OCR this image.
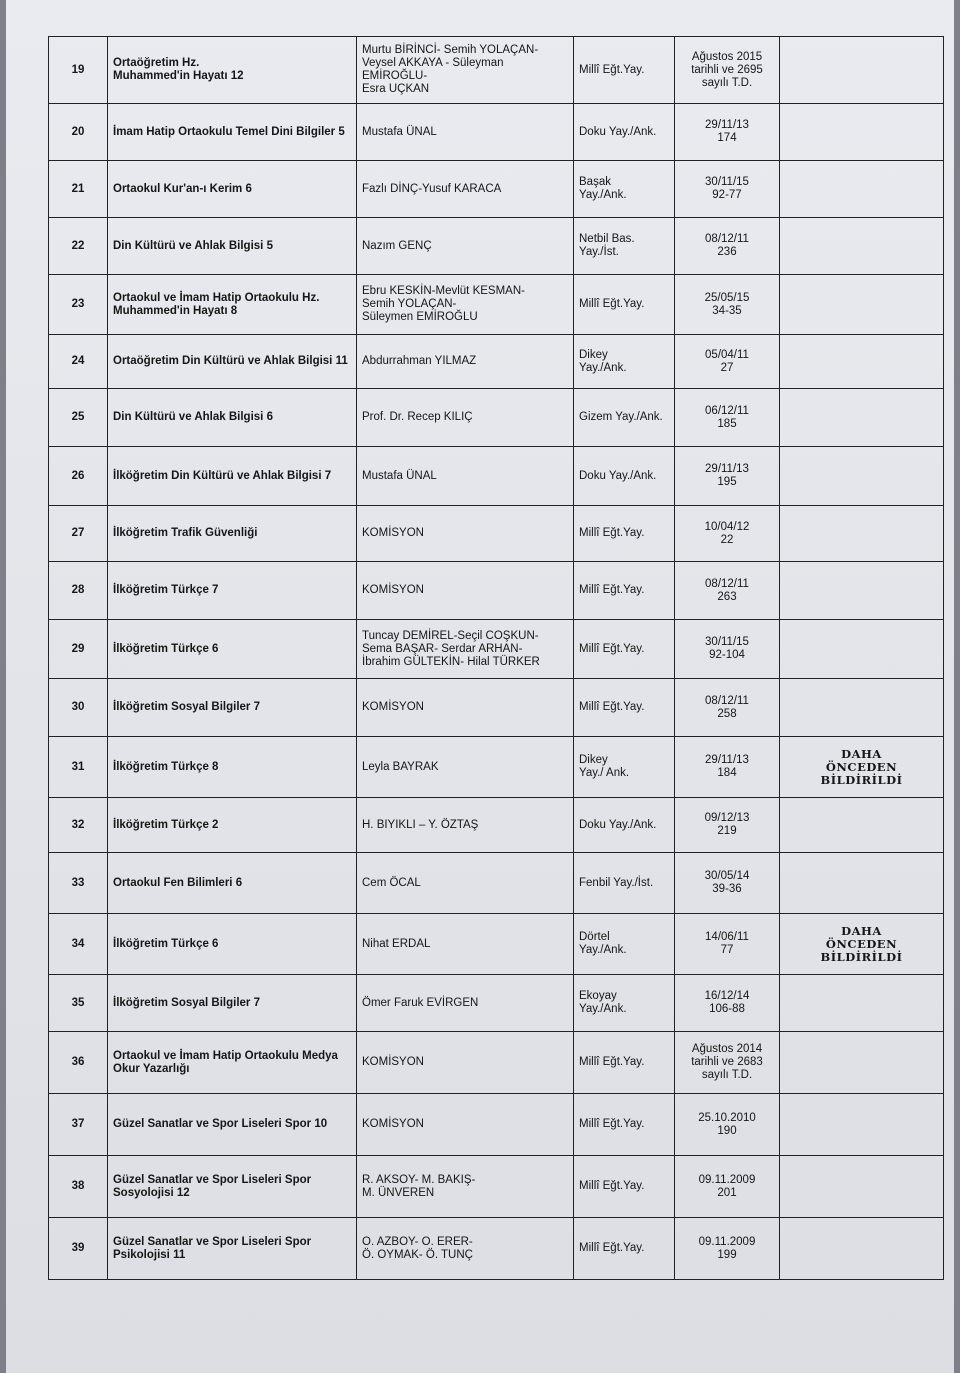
19	Ortaöğretim Hz.
Muhammed'in Hayatı 12	Murtu BİRİNCİ- Semih YOLAÇAN-
Veysel AKKAYA - Süleyman
EMİROĞLU-
Esra UÇKAN	Millî Eğt.Yay.	Ağustos 2015
tarihli ve 2695
sayılı T.D.	
20	İmam Hatip Ortaokulu Temel Dini Bilgiler 5	Mustafa ÜNAL	Doku Yay./Ank.	29/11/13
174	
21	Ortaokul Kur'an-ı Kerim 6	Fazlı DİNÇ-Yusuf KARACA	Başak
Yay./Ank.	30/11/15
92-77	
22	Din Kültürü ve Ahlak Bilgisi 5	Nazım GENÇ	Netbil Bas.
Yay./İst.	08/12/11
236	
23	Ortaokul ve İmam Hatip Ortaokulu Hz.
Muhammed'in Hayatı 8	Ebru KESKİN-Mevlüt KESMAN-
Semih YOLAÇAN-
Süleymen EMİROĞLU	Millî Eğt.Yay.	25/05/15
34-35	
24	Ortaöğretim Din Kültürü ve Ahlak Bilgisi 11	Abdurrahman YILMAZ	Dikey
Yay./Ank.	05/04/11
27	
25	Din Kültürü ve Ahlak Bilgisi 6	Prof. Dr. Recep KILIÇ	Gizem Yay./Ank.	06/12/11
185	
26	İlköğretim Din Kültürü ve Ahlak Bilgisi 7	Mustafa ÜNAL	Doku Yay./Ank.	29/11/13
195	
27	İlköğretim Trafik Güvenliği	KOMİSYON	Millî Eğt.Yay.	10/04/12
22	
28	İlköğretim Türkçe 7	KOMİSYON	Millî Eğt.Yay.	08/12/11
263	
29	İlköğretim Türkçe 6	Tuncay DEMİREL-Seçil COŞKUN-
Sema BAŞAR- Serdar ARHAN-
İbrahim GÜLTEKİN- Hilal TÜRKER	Millî Eğt.Yay.	30/11/15
92-104	
30	İlköğretim Sosyal Bilgiler 7	KOMİSYON	Millî Eğt.Yay.	08/12/11
258	
31	İlköğretim Türkçe 8	Leyla BAYRAK	Dikey
Yay./ Ank.	29/11/13
184	DAHA
ÖNCEDEN
BİLDİRİLDİ
32	İlköğretim Türkçe 2	H. BIYIKLI – Y. ÖZTAŞ	Doku Yay./Ank.	09/12/13
219	
33	Ortaokul Fen Bilimleri 6	Cem ÖCAL	Fenbil Yay./İst.	30/05/14
39-36	
34	İlköğretim Türkçe 6	Nihat ERDAL	Dörtel
Yay./Ank.	14/06/11
77	DAHA
ÖNCEDEN
BİLDİRİLDİ
35	İlköğretim Sosyal Bilgiler 7	Ömer Faruk EVİRGEN	Ekoyay
Yay./Ank.	16/12/14
106-88	
36	Ortaokul ve İmam Hatip Ortaokulu Medya
Okur Yazarlığı	KOMİSYON	Millî Eğt.Yay.	Ağustos 2014
tarihli ve 2683
sayılı T.D.	
37	Güzel Sanatlar ve Spor Liseleri Spor 10	KOMİSYON	Millî Eğt.Yay.	25.10.2010
190	
38	Güzel Sanatlar ve Spor Liseleri Spor
Sosyolojisi 12	R. AKSOY- M. BAKIŞ-
M. ÜNVEREN	Millî Eğt.Yay.	09.11.2009
201	
39	Güzel Sanatlar ve Spor Liseleri Spor
Psikolojisi 11	O. AZBOY- O. ERER-
Ö. OYMAK- Ö. TUNÇ	Millî Eğt.Yay.	09.11.2009
199	
